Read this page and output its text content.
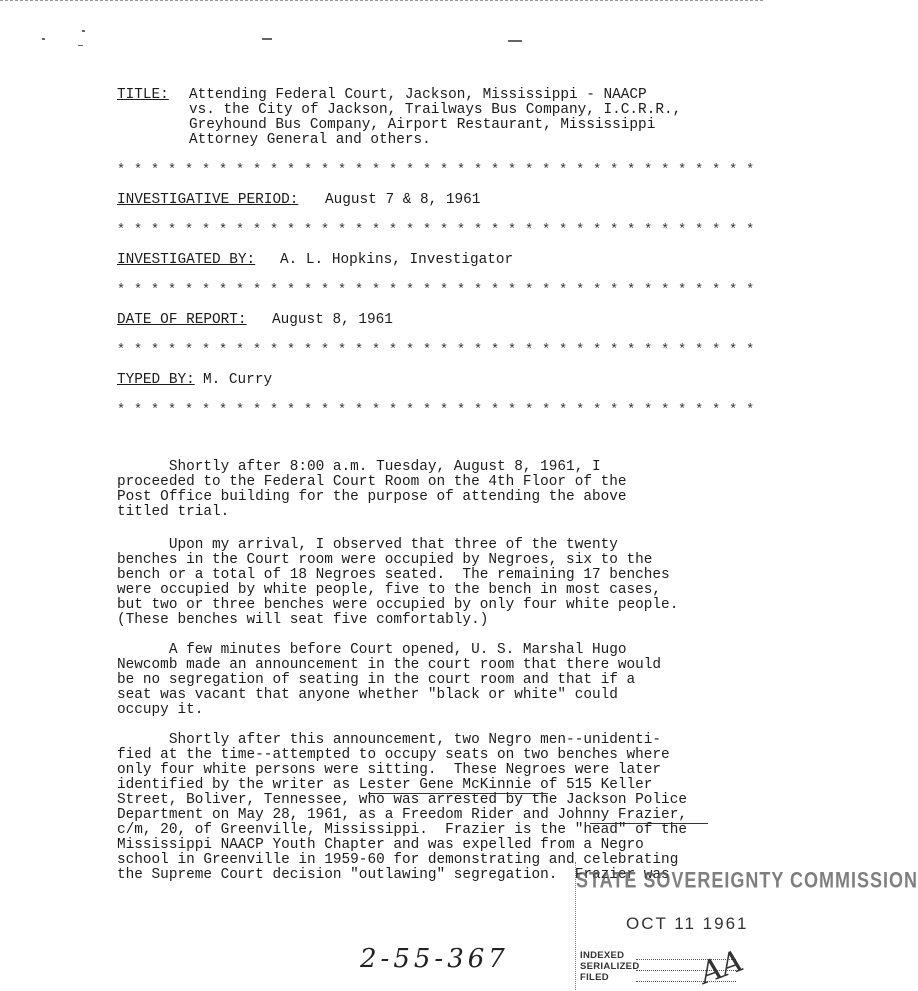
TITLE: Attending Federal Court, Jackson, Mississippi - NAACP
vs. the City of Jackson, Trailways Bus Company, I.C.R.R.,
Greyhound Bus Company, Airport Restaurant, Mississippi
Attorney General and others.
* * * * * * * * * * * * * * * * * * * * * * * * * * * * * * * * * * * * * *
INVESTIGATIVE PERIOD: August 7 & 8, 1961
* * * * * * * * * * * * * * * * * * * * * * * * * * * * * * * * * * * * * *
INVESTIGATED BY: A. L. Hopkins, Investigator
* * * * * * * * * * * * * * * * * * * * * * * * * * * * * * * * * * * * * *
DATE OF REPORT: August 8, 1961
* * * * * * * * * * * * * * * * * * * * * * * * * * * * * * * * * * * * * *
TYPED BY: M. Curry
* * * * * * * * * * * * * * * * * * * * * * * * * * * * * * * * * * * * * *
Shortly after 8:00 a.m. Tuesday, August 8, 1961, I
proceeded to the Federal Court Room on the 4th Floor of the
Post Office building for the purpose of attending the above
titled trial.
Upon my arrival, I observed that three of the twenty
benches in the Court room were occupied by Negroes, six to the
bench or a total of 18 Negroes seated.  The remaining 17 benches
were occupied by white people, five to the bench in most cases,
but two or three benches were occupied by only four white people.
(These benches will seat five comfortably.)
A few minutes before Court opened, U. S. Marshal Hugo
Newcomb made an announcement in the court room that there would
be no segregation of seating in the court room and that if a
seat was vacant that anyone whether "black or white" could
occupy it.
Shortly after this announcement, two Negro men--unidenti-
fied at the time--attempted to occupy seats on two benches where
only four white persons were sitting.  These Negroes were later
identified by the writer as Lester Gene McKinnie of 515 Keller
Street, Boliver, Tennessee, who was arrested by the Jackson Police
Department on May 28, 1961, as a Freedom Rider and Johnny Frazier,
c/m, 20, of Greenville, Mississippi.  Frazier is the "head" of the
Mississippi NAACP Youth Chapter and was expelled from a Negro
school in Greenville in 1959-60 for demonstrating and celebrating
the Supreme Court decision "outlawing" segregation.  Frazier was
STATE SOVEREIGNTY COMMISSION
OCT 11 1961
INDEXED
SERIALIZED
FILED
2-55-367	AA
